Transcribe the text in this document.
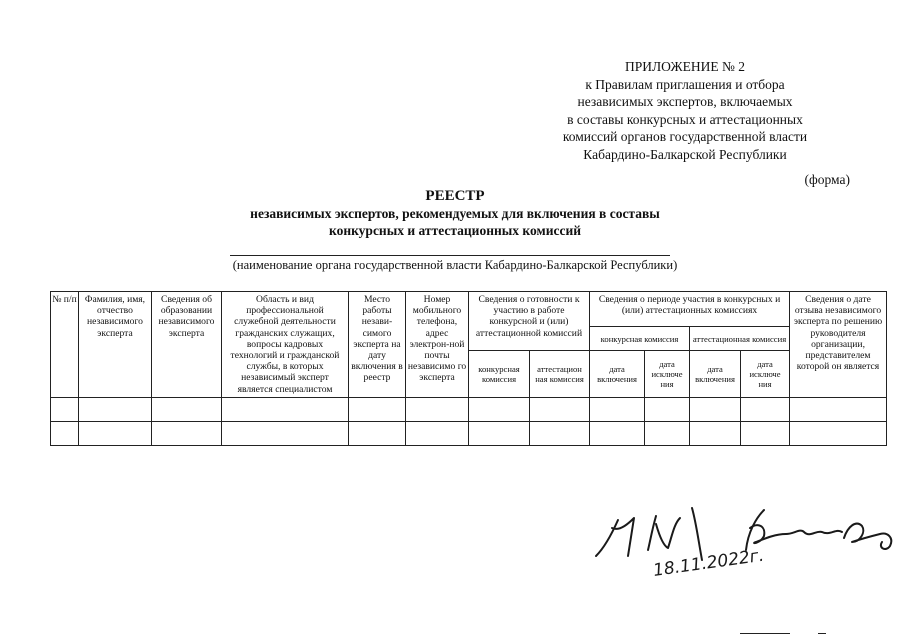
ПРИЛОЖЕНИЕ № 2
к Правилам приглашения и отбора
независимых экспертов, включаемых
в составы конкурсных и аттестационных
комиссий органов государственной власти
Кабардино-Балкарской Республики
(форма)
РЕЕСТР
независимых экспертов, рекомендуемых для включения в составы
конкурсных и аттестационных комиссий
(наименование органа государственной власти Кабардино-Балкарской Республики)
№ п/п	Фамилия, имя, отчество независимого эксперта	Сведения об образовании независимого эксперта	Область и вид профессиональной служебной деятельности гражданских служащих, вопросы кадровых технологий и гражданской службы, в которых независимый эксперт является специалистом	Место работы незави-симого эксперта на дату включения в реестр	Номер мобильного телефона, адрес электрон-ной почты независимо го эксперта	Сведения о готовности к участию в работе конкурсной и (или) аттестационной комиссий		Сведения о периоде участия в конкурсных и (или) аттестационных комиссиях				Сведения о дате отзыва независимого эксперта по решению руководителя организации, представителем которой он является
								конкурсная комиссия		аттестационная комиссия		
						конкурсная комиссия	аттестацион ная комиссия	дата включения	дата исключе ния	дата включения	дата исключе ния	

18.11.2022г.
